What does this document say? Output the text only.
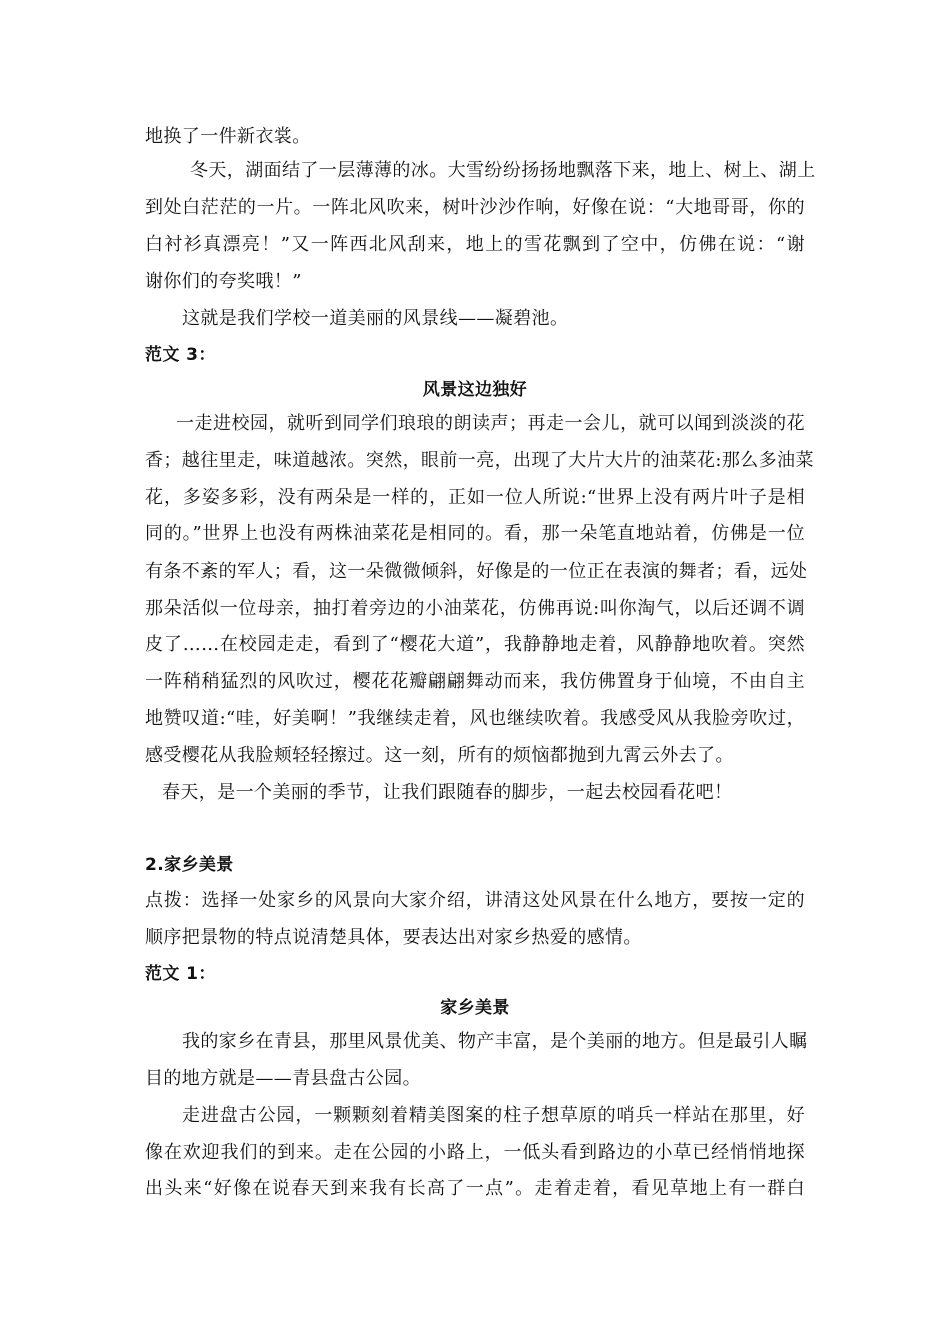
地换了一件新衣裳。
冬天，湖面结了一层薄薄的冰。大雪纷纷扬扬地飘落下来，地上、树上、湖上
到处白茫茫的一片。一阵北风吹来，树叶沙沙作响，好像在说：“大地哥哥，你的
白衬衫真漂亮！”又一阵西北风刮来，地上的雪花飘到了空中，仿佛在说：“谢
谢你们的夸奖哦！”
这就是我们学校一道美丽的风景线——凝碧池。
范文 3：
风景这边独好
一走进校园，就听到同学们琅琅的朗读声；再走一会儿，就可以闻到淡淡的花
香；越往里走，味道越浓。突然，眼前一亮，出现了大片大片的油菜花:那么多油菜
花，多姿多彩，没有两朵是一样的，正如一位人所说:“世界上没有两片叶子是相
同的。”世界上也没有两株油菜花是相同的。看，那一朵笔直地站着，仿佛是一位
有条不紊的军人；看，这一朵微微倾斜，好像是的一位正在表演的舞者；看，远处
那朵活似一位母亲，抽打着旁边的小油菜花，仿佛再说:叫你淘气，以后还调不调
皮了……在校园走走，看到了“樱花大道”，我静静地走着，风静静地吹着。突然
一阵稍稍猛烈的风吹过，樱花花瓣翩翩舞动而来，我仿佛置身于仙境，不由自主
地赞叹道:“哇，好美啊！”我继续走着，风也继续吹着。我感受风从我脸旁吹过，
感受樱花从我脸颊轻轻擦过。这一刻，所有的烦恼都抛到九霄云外去了。
春天，是一个美丽的季节，让我们跟随春的脚步，一起去校园看花吧！
2.家乡美景
点拨：选择一处家乡的风景向大家介绍，讲清这处风景在什么地方，要按一定的
顺序把景物的特点说清楚具体，要表达出对家乡热爱的感情。
范文 1：
家乡美景
我的家乡在青县，那里风景优美、物产丰富，是个美丽的地方。但是最引人瞩
目的地方就是——青县盘古公园。
走进盘古公园，一颗颗刻着精美图案的柱子想草原的哨兵一样站在那里，好
像在欢迎我们的到来。走在公园的小路上，一低头看到路边的小草已经悄悄地探
出头来“好像在说春天到来我有长高了一点”。走着走着，看见草地上有一群白
